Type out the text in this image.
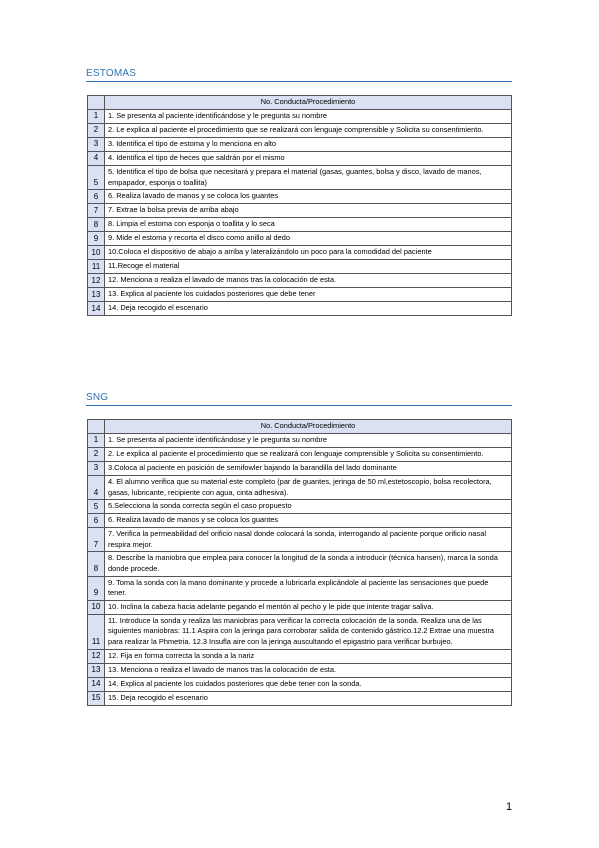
ESTOMAS
	No. Conducta/Procedimiento
1	1. Se presenta al paciente identificándose y le pregunta su nombre
2	2. Le explica al paciente el procedimiento que se realizará con lenguaje comprensible y Solicita su consentimiento.
3	3. Identifica el tipo de estoma y lo menciona en alto
4	4. Identifica el tipo de heces que saldrán por el mismo
5	5. Identifica el tipo de bolsa que necesitará y prepara el material (gasas, guantes, bolsa y disco, lavado de manos, empapador, esponja o toallita)
6	6. Realiza lavado de manos y se coloca los guantes
7	7. Extrae la bolsa previa de arriba abajo
8	8. Limpia el estoma con esponja o toallita y lo seca
9	9. Mide el estoma y recorta el disco como anillo al dedo
10	10.Coloca el dispositivo de abajo a arriba y lateralizándolo un poco para la comodidad del paciente
11	11.Recoge el material
12	12. Menciona o realiza el lavado de manos tras la colocación de esta.
13	13. Explica al paciente los cuidados posteriores que debe tener
14	14. Deja recogido el escenario
SNG
	No. Conducta/Procedimiento
1	1. Se presenta al paciente identificándose y le pregunta su nombre
2	2. Le explica al paciente el procedimiento que se realizará con lenguaje comprensible y Solicita su consentimiento.
3	3.Coloca al paciente en posición de semifowler bajando la barandilla del lado dominante
4	4. El alumno verifica que su material este completo (par de guantes, jeringa de 50 ml,estetoscopio, bolsa recolectora, gasas, lubricante, recipiente con agua, cinta adhesiva).
5	5.Selecciona la sonda correcta según el caso propuesto
6	6. Realiza lavado de manos y se coloca los guantes
7	7. Verifica la permeabilidad del orificio nasal donde colocará la sonda, interrogando al paciente porque orificio nasal respira mejor.
8	8. Describe la maniobra que emplea para conocer la longitud de la sonda a introducir (técnica hansen), marca la sonda donde procede.
9	9. Toma la sonda con la mano dominante y procede a lubricarla explicándole al paciente las sensaciones que puede tener.
10	10. Inclina la cabeza hacia adelante pegando el mentón al pecho y le pide que intente tragar saliva.
11	11. Introduce la sonda y realiza las maniobras para verificar la correcta colocación de la sonda. Realiza una de las siguientes maniobras: 11.1 Aspira con la jeringa para corroborar salida de contenido gástrico.12.2 Extrae una muestra para realizar la Phmetria. 12.3 Insufla aire con la jeringa auscultando el epigastrio para verificar burbujeo.
12	12. Fija en forma correcta la sonda a la nariz
13	13. Menciona o realiza el lavado de manos tras la colocación de esta.
14	14. Explica al paciente los cuidados posteriores que debe tener con la sonda.
15	15. Deja recogido el escenario
1
